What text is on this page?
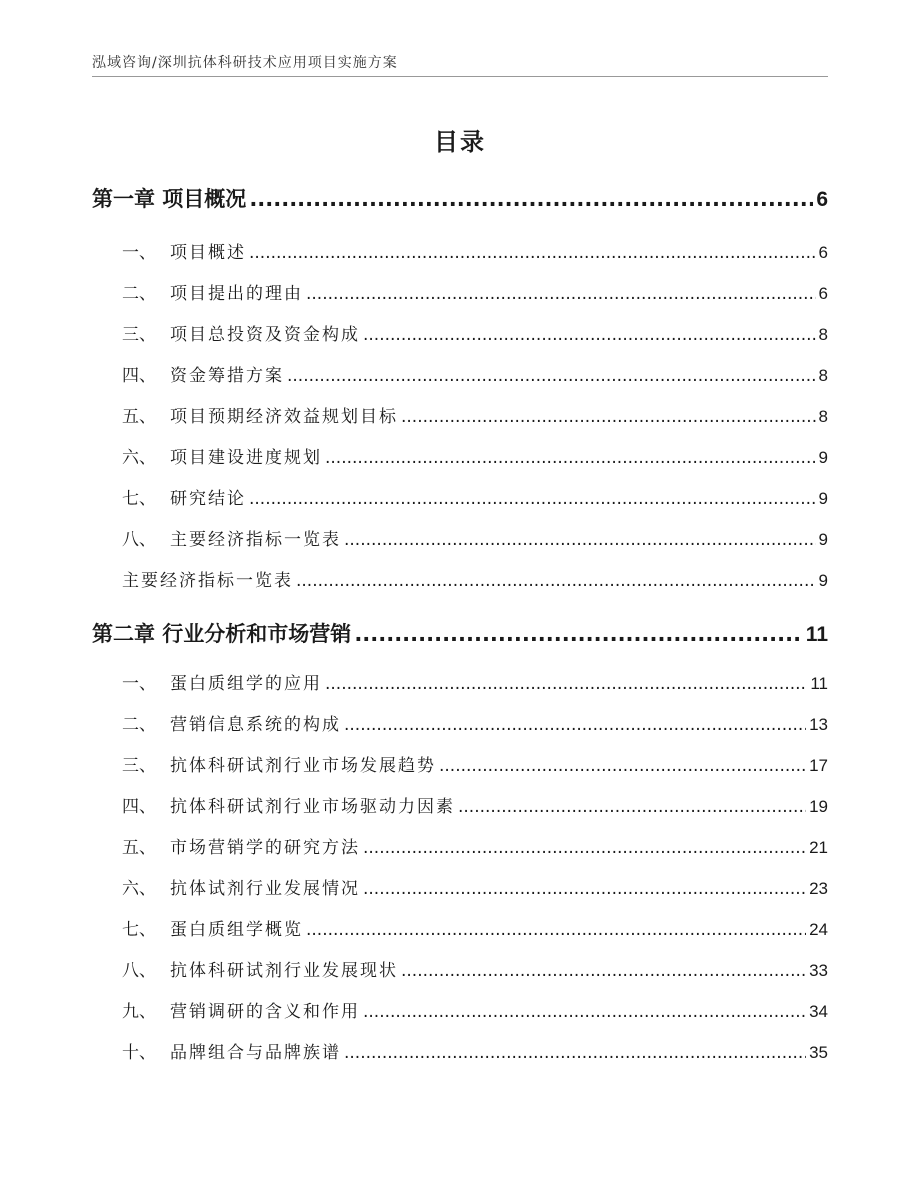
泓域咨询/深圳抗体科研技术应用项目实施方案
目录
第一章 项目概况 .....	6
一、 项目概述 .....	6
二、 项目提出的理由 .....	6
三、 项目总投资及资金构成 .....	8
四、 资金筹措方案 .....	8
五、 项目预期经济效益规划目标 .....	8
六、 项目建设进度规划 .....	9
七、 研究结论 .....	9
八、 主要经济指标一览表 .....	9
主要经济指标一览表 .....	9
第二章 行业分析和市场营销 .....	11
一、 蛋白质组学的应用 .....	11
二、 营销信息系统的构成 .....	13
三、 抗体科研试剂行业市场发展趋势 .....	17
四、 抗体科研试剂行业市场驱动力因素 .....	19
五、 市场营销学的研究方法 .....	21
六、 抗体试剂行业发展情况 .....	23
七、 蛋白质组学概览 .....	24
八、 抗体科研试剂行业发展现状 .....	33
九、 营销调研的含义和作用 .....	34
十、 品牌组合与品牌族谱 .....	35
